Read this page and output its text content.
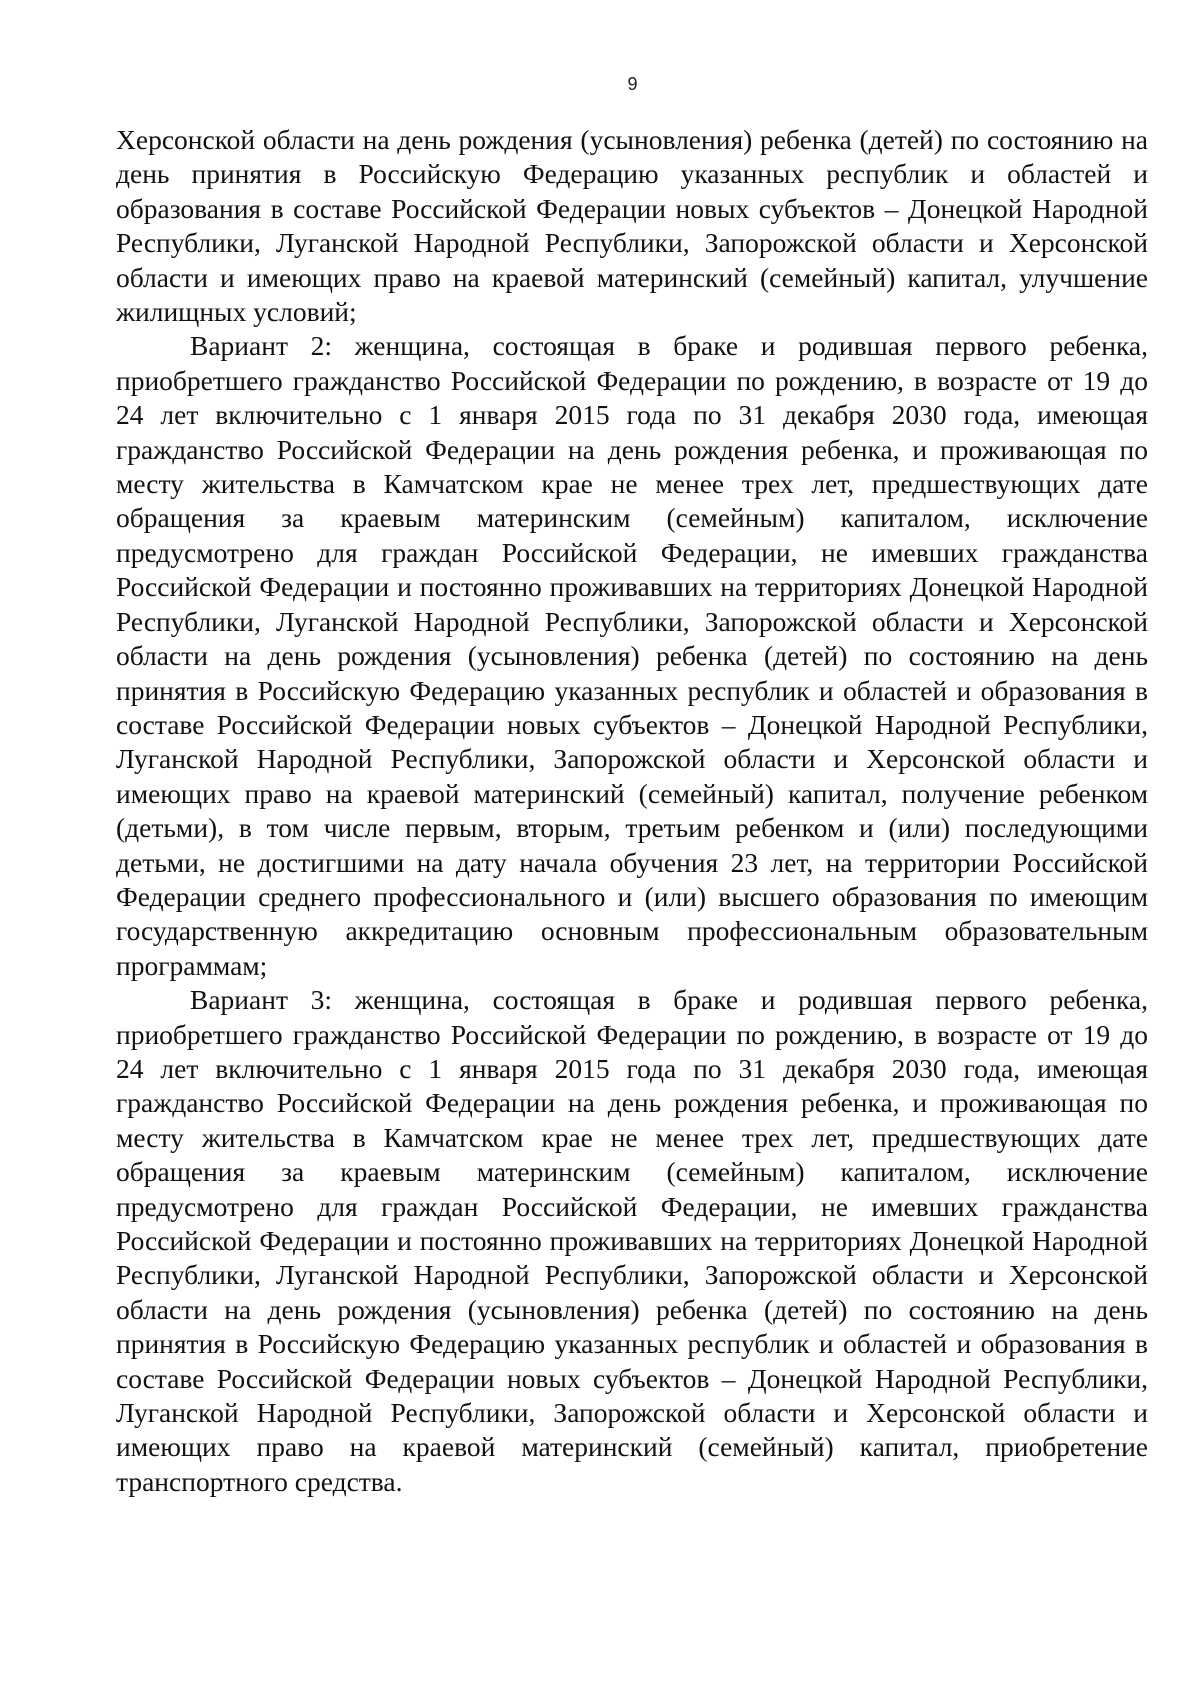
9

Херсонской области на день рождения (усыновления) ребенка (детей) по состоянию на день принятия в Российскую Федерацию указанных республик и областей и образования в составе Российской Федерации новых субъектов – Донецкой Народной Республики, Луганской Народной Республики, Запорожской области и Херсонской области и имеющих право на краевой материнский (семейный) капитал, улучшение жилищных условий;

Вариант 2: женщина, состоящая в браке и родившая первого ребенка, приобретшего гражданство Российской Федерации по рождению, в возрасте от 19 до 24 лет включительно с 1 января 2015 года по 31 декабря 2030 года, имеющая гражданство Российской Федерации на день рождения ребенка, и проживающая по месту жительства в Камчатском крае не менее трех лет, предшествующих дате обращения за краевым материнским (семейным) капиталом, исключение предусмотрено для граждан Российской Федерации, не имевших гражданства Российской Федерации и постоянно проживавших на территориях Донецкой Народной Республики, Луганской Народной Республики, Запорожской области и Херсонской области на день рождения (усыновления) ребенка (детей) по состоянию на день принятия в Российскую Федерацию указанных республик и областей и образования в составе Российской Федерации новых субъектов – Донецкой Народной Республики, Луганской Народной Республики, Запорожской области и Херсонской области и имеющих право на краевой материнский (семейный) капитал, получение ребенком (детьми), в том числе первым, вторым, третьим ребенком и (или) последующими детьми, не достигшими на дату начала обучения 23 лет, на территории Российской Федерации среднего профессионального и (или) высшего образования по имеющим государственную аккредитацию основным профессиональным образовательным программам;

Вариант 3: женщина, состоящая в браке и родившая первого ребенка, приобретшего гражданство Российской Федерации по рождению, в возрасте от 19 до 24 лет включительно с 1 января 2015 года по 31 декабря 2030 года, имеющая гражданство Российской Федерации на день рождения ребенка, и проживающая по месту жительства в Камчатском крае не менее трех лет, предшествующих дате обращения за краевым материнским (семейным) капиталом, исключение предусмотрено для граждан Российской Федерации, не имевших гражданства Российской Федерации и постоянно проживавших на территориях Донецкой Народной Республики, Луганской Народной Республики, Запорожской области и Херсонской области на день рождения (усыновления) ребенка (детей) по состоянию на день принятия в Российскую Федерацию указанных республик и областей и образования в составе Российской Федерации новых субъектов – Донецкой Народной Республики, Луганской Народной Республики, Запорожской области и Херсонской области и имеющих право на краевой материнский (семейный) капитал, приобретение транспортного средства.
